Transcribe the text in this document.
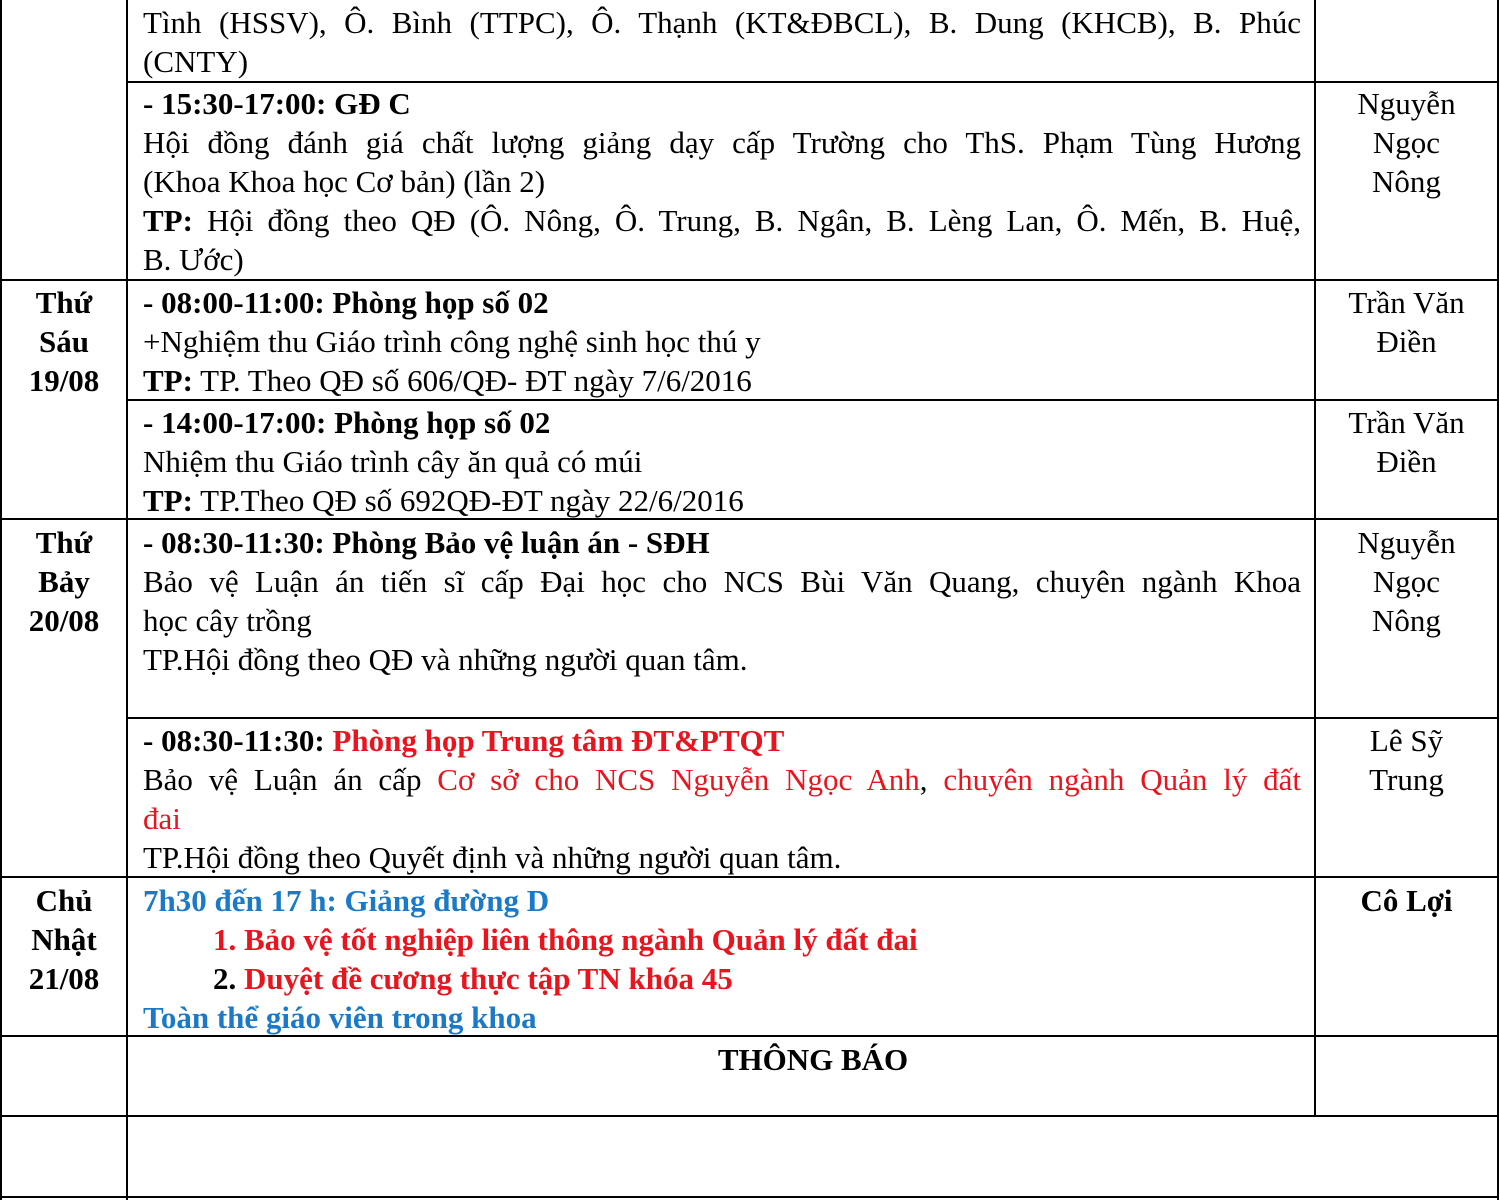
Tình (HSSV), Ô. Bình (TTPC), Ô. Thạnh (KT&ĐBCL), B. Dung (KHCB), B. Phúc
(CNTY)
- 15:30-17:00: GĐ C
Hội đồng đánh giá chất lượng giảng dạy cấp Trường cho ThS. Phạm Tùng Hương
(Khoa Khoa học Cơ bản) (lần 2)
TP: Hội đồng theo QĐ (Ô. Nông, Ô. Trung, B. Ngân, B. Lèng Lan, Ô. Mến, B. Huệ,
B. Ước)
Nguyễn
Ngọc
Nông
Thứ
Sáu
19/08
- 08:00-11:00: Phòng họp số 02
+Nghiệm thu Giáo trình công nghệ sinh học thú y
TP: TP. Theo QĐ số 606/QĐ- ĐT ngày 7/6/2016
Trần Văn
Điền
- 14:00-17:00: Phòng họp số 02
Nhiệm thu Giáo trình cây ăn quả có múi
TP: TP.Theo QĐ số 692QĐ-ĐT ngày 22/6/2016
Trần Văn
Điền
Thứ
Bảy
20/08
- 08:30-11:30: Phòng Bảo vệ luận án - SĐH
Bảo vệ Luận án tiến sĩ cấp Đại học cho NCS Bùi Văn Quang, chuyên ngành Khoa
học cây trồng
TP.Hội đồng theo QĐ và những người quan tâm.
Nguyễn
Ngọc
Nông
- 08:30-11:30: Phòng họp Trung tâm ĐT&PTQT
Bảo vệ Luận án cấp Cơ sở cho NCS Nguyễn Ngọc Anh, chuyên ngành Quản lý đất
đai
TP.Hội đồng theo Quyết định và những người quan tâm.
Lê Sỹ
Trung
Chủ
Nhật
21/08
7h30 đến 17 h: Giảng đường D
1. Bảo vệ tốt nghiệp liên thông ngành Quản lý đất đai
2. Duyệt đề cương thực tập TN khóa 45
Toàn thể giáo viên trong khoa
Cô Lợi
THÔNG BÁO
